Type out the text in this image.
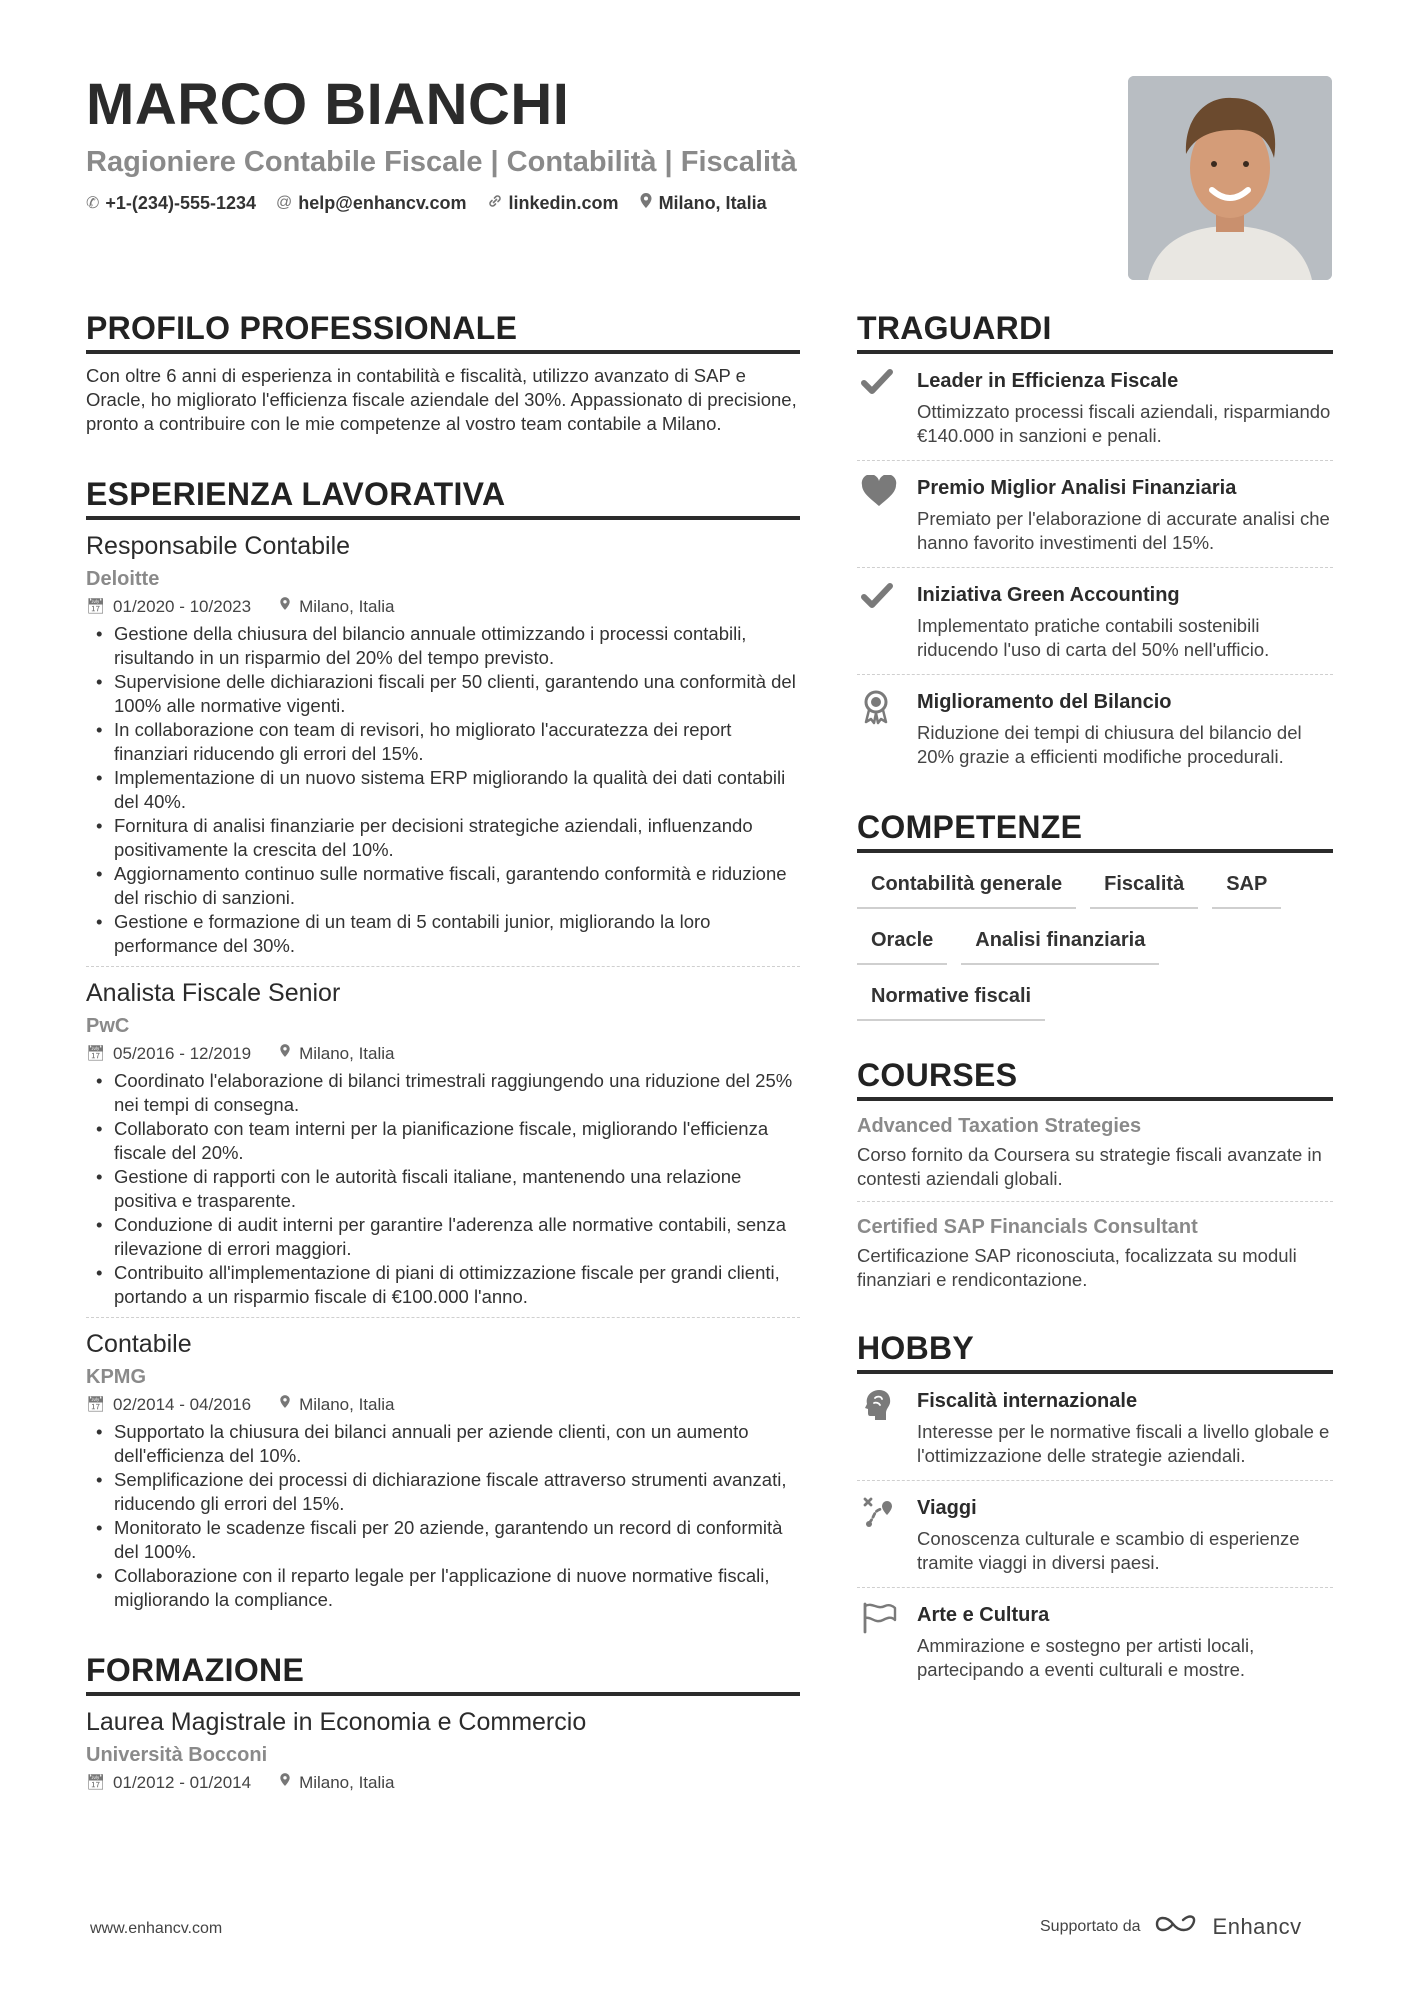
MARCO BIANCHI
Ragioniere Contabile Fiscale | Contabilità | Fiscalità
✆ +1-(234)-555-1234 @ help@enhancv.com linkedin.com Milano, Italia
PROFILO PROFESSIONALE
Con oltre 6 anni di esperienza in contabilità e fiscalità, utilizzo avanzato di SAP e Oracle, ho migliorato l'efficienza fiscale aziendale del 30%. Appassionato di precisione, pronto a contribuire con le mie competenze al vostro team contabile a Milano.
ESPERIENZA LAVORATIVA
Responsabile Contabile
Deloitte
📅︎ 01/2020 - 10/2023	Milano, Italia
• Gestione della chiusura del bilancio annuale ottimizzando i processi contabili, risultando in un risparmio del 20% del tempo previsto.
• Supervisione delle dichiarazioni fiscali per 50 clienti, garantendo una conformità del 100% alle normative vigenti.
• In collaborazione con team di revisori, ho migliorato l'accuratezza dei report finanziari riducendo gli errori del 15%.
• Implementazione di un nuovo sistema ERP migliorando la qualità dei dati contabili del 40%.
• Fornitura di analisi finanziarie per decisioni strategiche aziendali, influenzando positivamente la crescita del 10%.
• Aggiornamento continuo sulle normative fiscali, garantendo conformità e riduzione del rischio di sanzioni.
• Gestione e formazione di un team di 5 contabili junior, migliorando la loro performance del 30%.
Analista Fiscale Senior
PwC
📅︎ 05/2016 - 12/2019	Milano, Italia
• Coordinato l'elaborazione di bilanci trimestrali raggiungendo una riduzione del 25% nei tempi di consegna.
• Collaborato con team interni per la pianificazione fiscale, migliorando l'efficienza fiscale del 20%.
• Gestione di rapporti con le autorità fiscali italiane, mantenendo una relazione positiva e trasparente.
• Conduzione di audit interni per garantire l'aderenza alle normative contabili, senza rilevazione di errori maggiori.
• Contribuito all'implementazione di piani di ottimizzazione fiscale per grandi clienti, portando a un risparmio fiscale di €100.000 l'anno.
Contabile
KPMG
📅︎ 02/2014 - 04/2016	Milano, Italia
• Supportato la chiusura dei bilanci annuali per aziende clienti, con un aumento dell'efficienza del 10%.
• Semplificazione dei processi di dichiarazione fiscale attraverso strumenti avanzati, riducendo gli errori del 15%.
• Monitorato le scadenze fiscali per 20 aziende, garantendo un record di conformità del 100%.
• Collaborazione con il reparto legale per l'applicazione di nuove normative fiscali, migliorando la compliance.
FORMAZIONE
Laurea Magistrale in Economia e Commercio
Università Bocconi
📅︎ 01/2012 - 01/2014	Milano, Italia
TRAGUARDI
Leader in Efficienza Fiscale
Ottimizzato processi fiscali aziendali, risparmiando €140.000 in sanzioni e penali.
Premio Miglior Analisi Finanziaria
Premiato per l'elaborazione di accurate analisi che hanno favorito investimenti del 15%.
Iniziativa Green Accounting
Implementato pratiche contabili sostenibili riducendo l'uso di carta del 50% nell'ufficio.
Miglioramento del Bilancio
Riduzione dei tempi di chiusura del bilancio del 20% grazie a efficienti modifiche procedurali.
COMPETENZE
Contabilità generale	Fiscalità	SAP
Oracle	Analisi finanziaria
Normative fiscali
COURSES
Advanced Taxation Strategies
Corso fornito da Coursera su strategie fiscali avanzate in contesti aziendali globali.
Certified SAP Financials Consultant
Certificazione SAP riconosciuta, focalizzata su moduli finanziari e rendicontazione.
HOBBY
Fiscalità internazionale
Interesse per le normative fiscali a livello globale e l'ottimizzazione delle strategie aziendali.
Viaggi
Conoscenza culturale e scambio di esperienze tramite viaggi in diversi paesi.
Arte e Cultura
Ammirazione e sostegno per artisti locali, partecipando a eventi culturali e mostre.
www.enhancv.com	Supportato da	Enhancv
